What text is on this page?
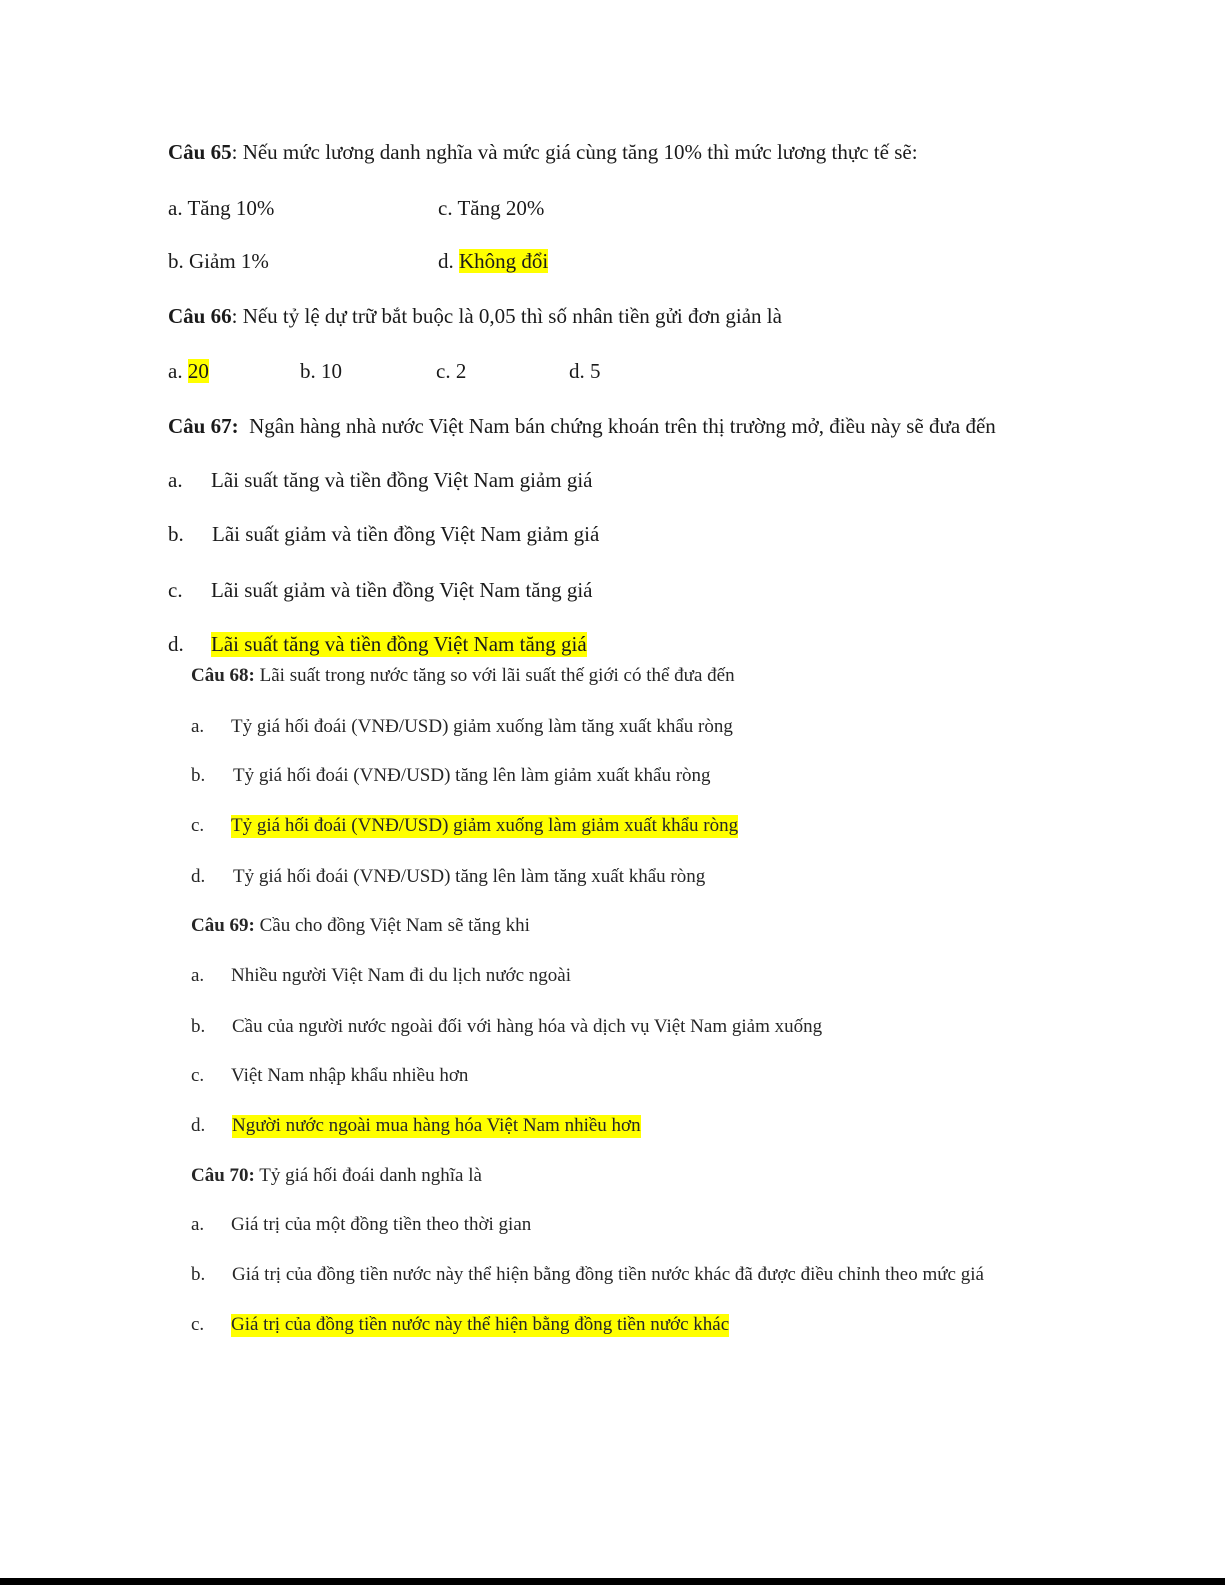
Câu 65: Nếu mức lương danh nghĩa và mức giá cùng tăng 10% thì mức lương thực tế sẽ:
a. Tăng 10%	c. Tăng 20%
b. Giảm 1%	d. Không đổi
Câu 66: Nếu tỷ lệ dự trữ bắt buộc là 0,05 thì số nhân tiền gửi đơn giản là
a. 20	b. 10	c. 2	d. 5
Câu 67: Ngân hàng nhà nước Việt Nam bán chứng khoán trên thị trường mở, điều này sẽ đưa đến
a. Lãi suất tăng và tiền đồng Việt Nam giảm giá
b. Lãi suất giảm và tiền đồng Việt Nam giảm giá
c. Lãi suất giảm và tiền đồng Việt Nam tăng giá
d. Lãi suất tăng và tiền đồng Việt Nam tăng giá
Câu 68: Lãi suất trong nước tăng so với lãi suất thế giới có thể đưa đến
a. Tỷ giá hối đoái (VNĐ/USD) giảm xuống làm tăng xuất khẩu ròng
b. Tỷ giá hối đoái (VNĐ/USD) tăng lên làm giảm xuất khẩu ròng
c. Tỷ giá hối đoái (VNĐ/USD) giảm xuống làm giảm xuất khẩu ròng
d. Tỷ giá hối đoái (VNĐ/USD) tăng lên làm tăng xuất khẩu ròng
Câu 69: Cầu cho đồng Việt Nam sẽ tăng khi
a. Nhiều người Việt Nam đi du lịch nước ngoài
b. Cầu của người nước ngoài đối với hàng hóa và dịch vụ Việt Nam giảm xuống
c. Việt Nam nhập khẩu nhiều hơn
d. Người nước ngoài mua hàng hóa Việt Nam nhiều hơn
Câu 70: Tỷ giá hối đoái danh nghĩa là
a. Giá trị của một đồng tiền theo thời gian
b. Giá trị của đồng tiền nước này thể hiện bằng đồng tiền nước khác đã được điều chỉnh theo mức giá
c. Giá trị của đồng tiền nước này thể hiện bằng đồng tiền nước khác
